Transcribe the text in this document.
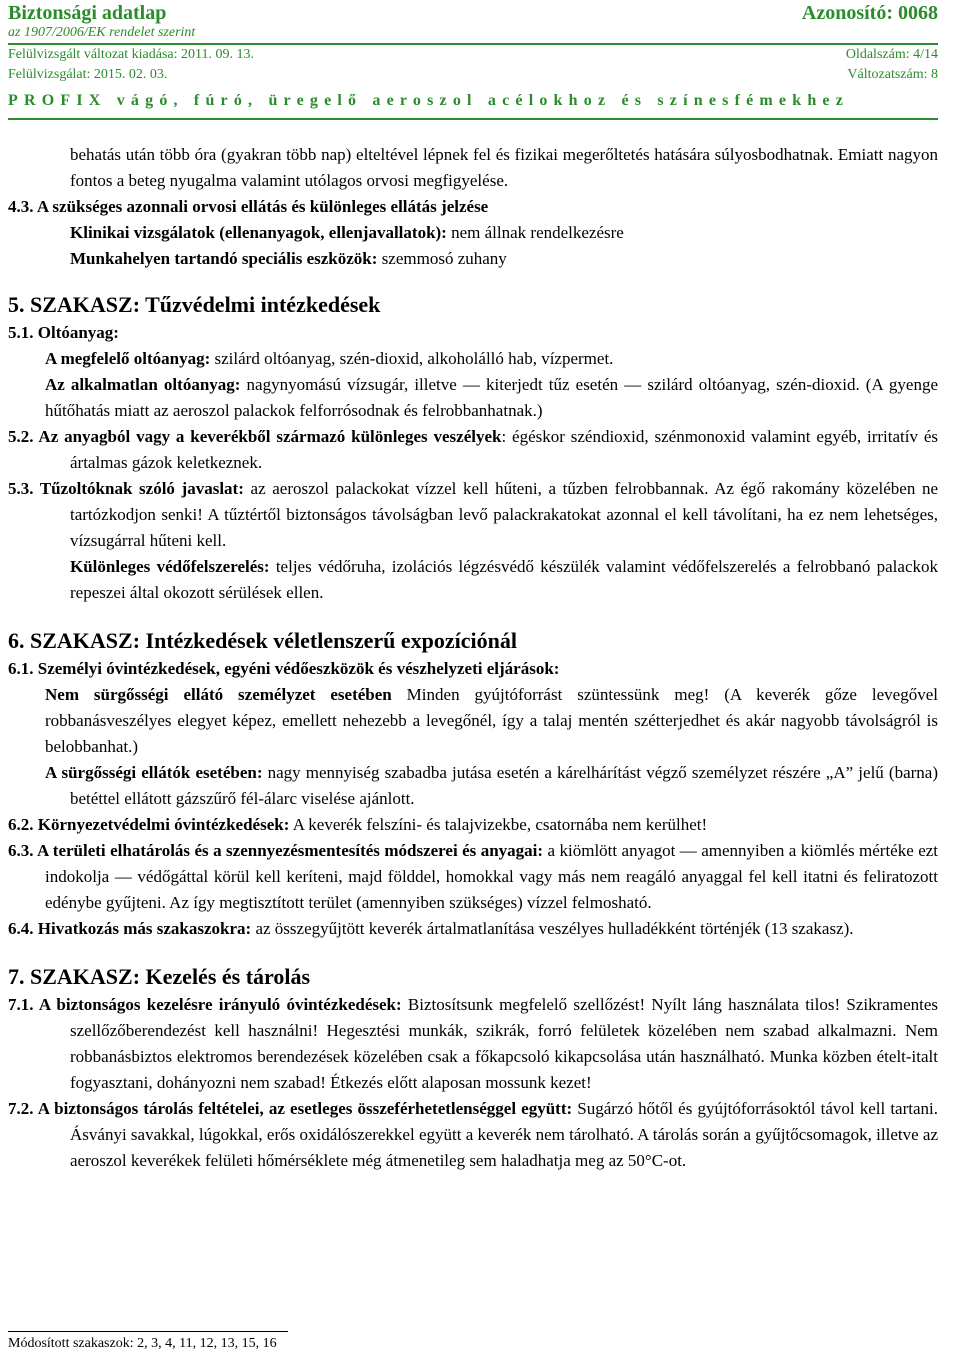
Biztonsági adatlap	Azonosító: 0068
az 1907/2006/EK rendelet szerint
Felülvizsgált változat kiadása: 2011. 09. 13.	Oldalszám: 4/14
Felülvizsgálat: 2015. 02. 03.	Változatszám: 8
PROFIX vágó, fúró, üregelő aeroszol acélokhoz és színesfémekhez

behatás után több óra (gyakran több nap) elteltével lépnek fel és fizikai megerőltetés hatására súlyosbodhatnak. Emiatt nagyon fontos a beteg nyugalma valamint utólagos orvosi megfigyelése.

4.3. A szükséges azonnali orvosi ellátás és különleges ellátás jelzése

Klinikai vizsgálatok (ellenanyagok, ellenjavallatok): nem állnak rendelkezésre

Munkahelyen tartandó speciális eszközök: szemmosó zuhany

5. SZAKASZ: Tűzvédelmi intézkedések

5.1. Oltóanyag:

A megfelelő oltóanyag: szilárd oltóanyag, szén-dioxid, alkoholálló hab, vízpermet.

Az alkalmatlan oltóanyag: nagynyomású vízsugár, illetve — kiterjedt tűz esetén — szilárd oltóanyag, szén-dioxid. (A gyenge hűtőhatás miatt az aeroszol palackok felforrósodnak és felrobbanhatnak.)

5.2. Az anyagból vagy a keverékből származó különleges veszélyek: égéskor széndioxid, szénmonoxid valamint egyéb, irritatív és ártalmas gázok keletkeznek.

5.3. Tűzoltóknak szóló javaslat: az aeroszol palackokat vízzel kell hűteni, a tűzben felrobbannak. Az égő rakomány közelében ne tartózkodjon senki! A tűztértől biztonságos távolságban levő palackrakatokat azonnal el kell távolítani, ha ez nem lehetséges, vízsugárral hűteni kell.

Különleges védőfelszerelés: teljes védőruha, izolációs légzésvédő készülék valamint védőfelszerelés a felrobbanó palackok repeszei által okozott sérülések ellen.

6. SZAKASZ: Intézkedések véletlenszerű expozíciónál

6.1. Személyi óvintézkedések, egyéni védőeszközök és vészhelyzeti eljárások:

Nem sürgősségi ellátó személyzet esetében Minden gyújtóforrást szüntessünk meg! (A keverék gőze levegővel robbanásveszélyes elegyet képez, emellett nehezebb a levegőnél, így a talaj mentén szétterjedhet és akár nagyobb távolságról is belobbanhat.)

A sürgősségi ellátók esetében: nagy mennyiség szabadba jutása esetén a kárelhárítást végző személyzet részére „A” jelű (barna) betéttel ellátott gázszűrő fél-álarc viselése ajánlott.

6.2. Környezetvédelmi óvintézkedések: A keverék felszíni- és talajvizekbe, csatornába nem kerülhet!

6.3. A területi elhatárolás és a szennyezésmentesítés módszerei és anyagai: a kiömlött anyagot — amennyiben a kiömlés mértéke ezt indokolja — védőgáttal körül kell keríteni, majd földdel, homokkal vagy más nem reagáló anyaggal fel kell itatni és feliratozott edénybe gyűjteni. Az így megtisztított terület (amennyiben szükséges) vízzel felmosható.

6.4. Hivatkozás más szakaszokra: az összegyűjtött keverék ártalmatlanítása veszélyes hulladékként történjék (13 szakasz).

7. SZAKASZ: Kezelés és tárolás

7.1. A biztonságos kezelésre irányuló óvintézkedések: Biztosítsunk megfelelő szellőzést! Nyílt láng használata tilos! Szikramentes szellőzőberendezést kell használni! Hegesztési munkák, szikrák, forró felületek közelében nem szabad alkalmazni. Nem robbanásbiztos elektromos berendezések közelében csak a főkapcsoló kikapcsolása után használható. Munka közben ételt-italt fogyasztani, dohányozni nem szabad! Étkezés előtt alaposan mossunk kezet!

7.2. A biztonságos tárolás feltételei, az esetleges összeférhetetlenséggel együtt: Sugárzó hőtől és gyújtóforrásoktól távol kell tartani. Ásványi savakkal, lúgokkal, erős oxidálószerekkel együtt a keverék nem tárolható. A tárolás során a gyűjtőcsomagok, illetve az aeroszol keverékek felületi hőmérséklete még átmenetileg sem haladhatja meg az 50°C-ot.

Módosított szakaszok: 2, 3, 4, 11, 12, 13, 15, 16
